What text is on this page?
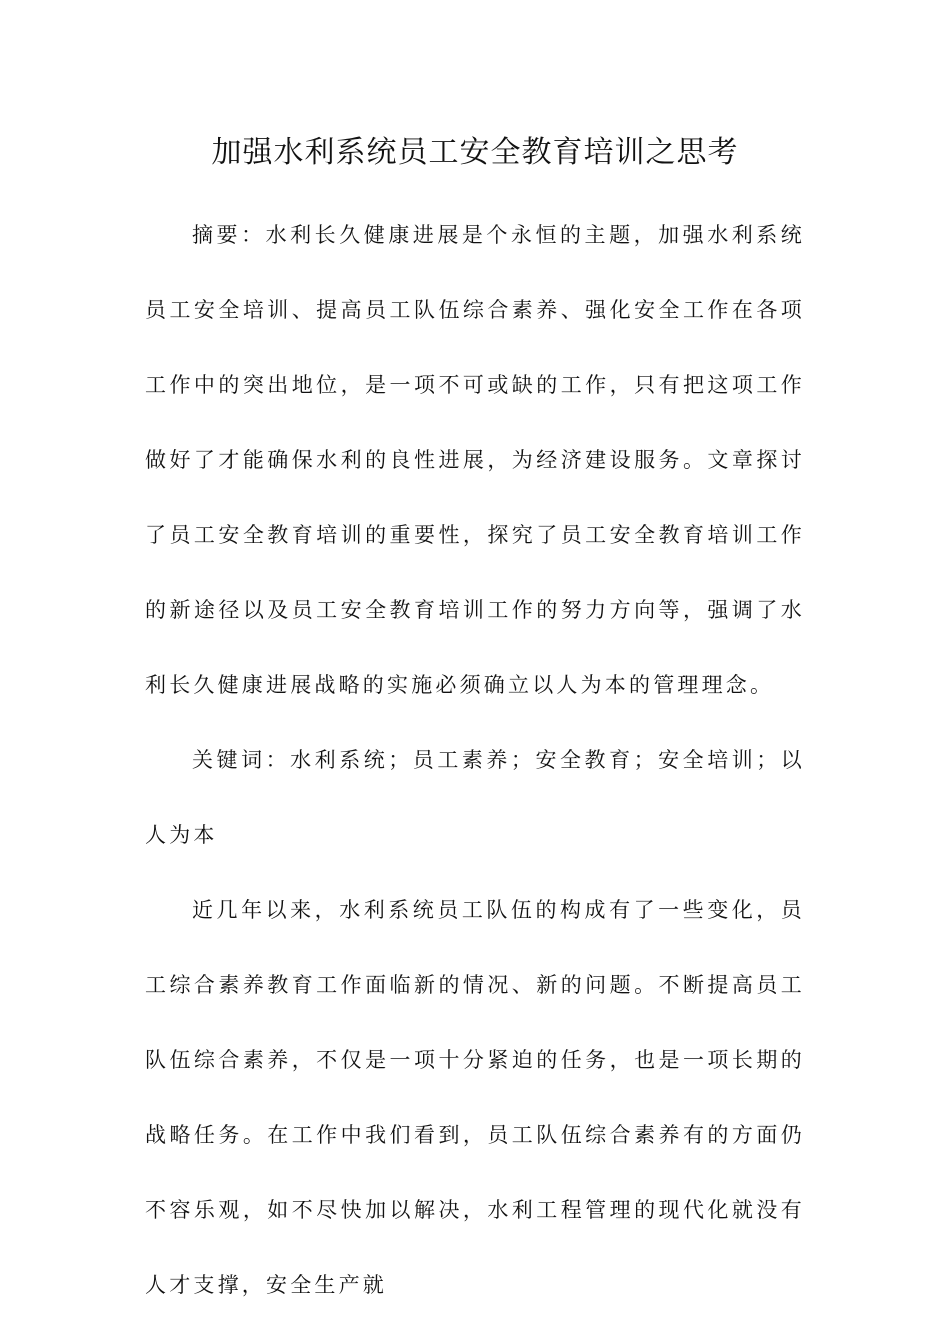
加强水利系统员工安全教育培训之思考

摘要：水利长久健康进展是个永恒的主题，加强水利系统员工安全培训、提高员工队伍综合素养、强化安全工作在各项工作中的突出地位，是一项不可或缺的工作，只有把这项工作做好了才能确保水利的良性进展，为经济建设服务。文章探讨了员工安全教育培训的重要性，探究了员工安全教育培训工作的新途径以及员工安全教育培训工作的努力方向等，强调了水利长久健康进展战略的实施必须确立以人为本的管理理念。

关键词：水利系统；员工素养；安全教育；安全培训；以人为本

近几年以来，水利系统员工队伍的构成有了一些变化，员工综合素养教育工作面临新的情况、新的问题。不断提高员工队伍综合素养，不仅是一项十分紧迫的任务，也是一项长期的战略任务。在工作中我们看到，员工队伍综合素养有的方面仍不容乐观，如不尽快加以解决，水利工程管理的现代化就没有人才支撑，安全生产就
